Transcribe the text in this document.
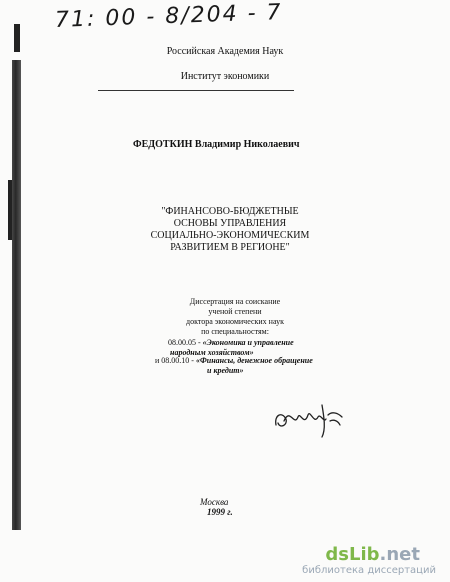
71: 00 - 8/204 - 7
Российская Академия Наук
Институт экономики
ФЕДОТКИН Владимир Николаевич
"ФИНАНСОВО-БЮДЖЕТНЫЕ
ОСНОВЫ УПРАВЛЕНИЯ
СОЦИАЛЬНО-ЭКОНОМИЧЕСКИМ
РАЗВИТИЕМ В РЕГИОНЕ"
Диссертация на соискание
ученой степени
доктора экономических наук
по специальностям:
08.00.05 - «Экономика и управление
народным хозяйством»
и 08.00.10 - «Финансы, денежное обращение
и кредит»
Москва
1999 г.
dsLib.net
библиотека диссертаций
